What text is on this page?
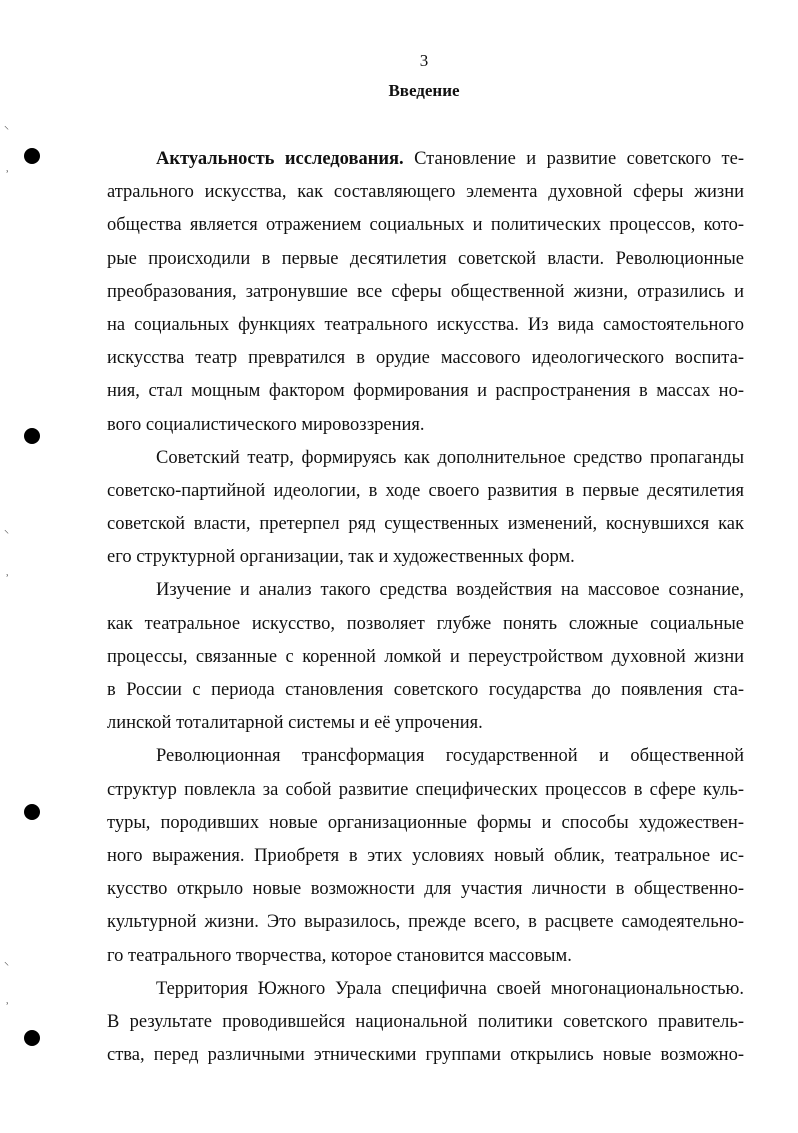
⸌
˒
⸌
˒
⸌
˒
3
Введение
Актуальность исследования. Становление и развитие советского те-
атрального искусства, как составляющего элемента духовной сферы жизни
общества является отражением социальных и политических процессов, кото-
рые происходили в первые десятилетия советской власти. Революционные
преобразования, затронувшие все сферы общественной жизни, отразились и
на социальных функциях театрального искусства. Из вида самостоятельного
искусства театр превратился в орудие массового идеологического воспита-
ния, стал мощным фактором формирования и распространения в массах но-
вого социалистического мировоззрения.
Советский театр, формируясь как дополнительное средство пропаганды
советско-партийной идеологии, в ходе своего развития в первые десятилетия
советской власти, претерпел ряд существенных изменений, коснувшихся как
его структурной организации, так и художественных форм.
Изучение и анализ такого средства воздействия на массовое сознание,
как театральное искусство, позволяет глубже понять сложные социальные
процессы, связанные с коренной ломкой и переустройством духовной жизни
в России с периода становления советского государства до появления ста-
линской тоталитарной системы и её упрочения.
Революционная трансформация государственной и общественной
структур повлекла за собой развитие специфических процессов в сфере куль-
туры, породивших новые организационные формы и способы художествен-
ного выражения. Приобретя в этих условиях новый облик, театральное ис-
кусство открыло новые возможности для участия личности в общественно-
культурной жизни. Это выразилось, прежде всего, в расцвете самодеятельно-
го театрального творчества, которое становится массовым.
Территория Южного Урала специфична своей многонациональностью.
В результате проводившейся национальной политики советского правитель-
ства, перед различными этническими группами открылись новые возможно-
